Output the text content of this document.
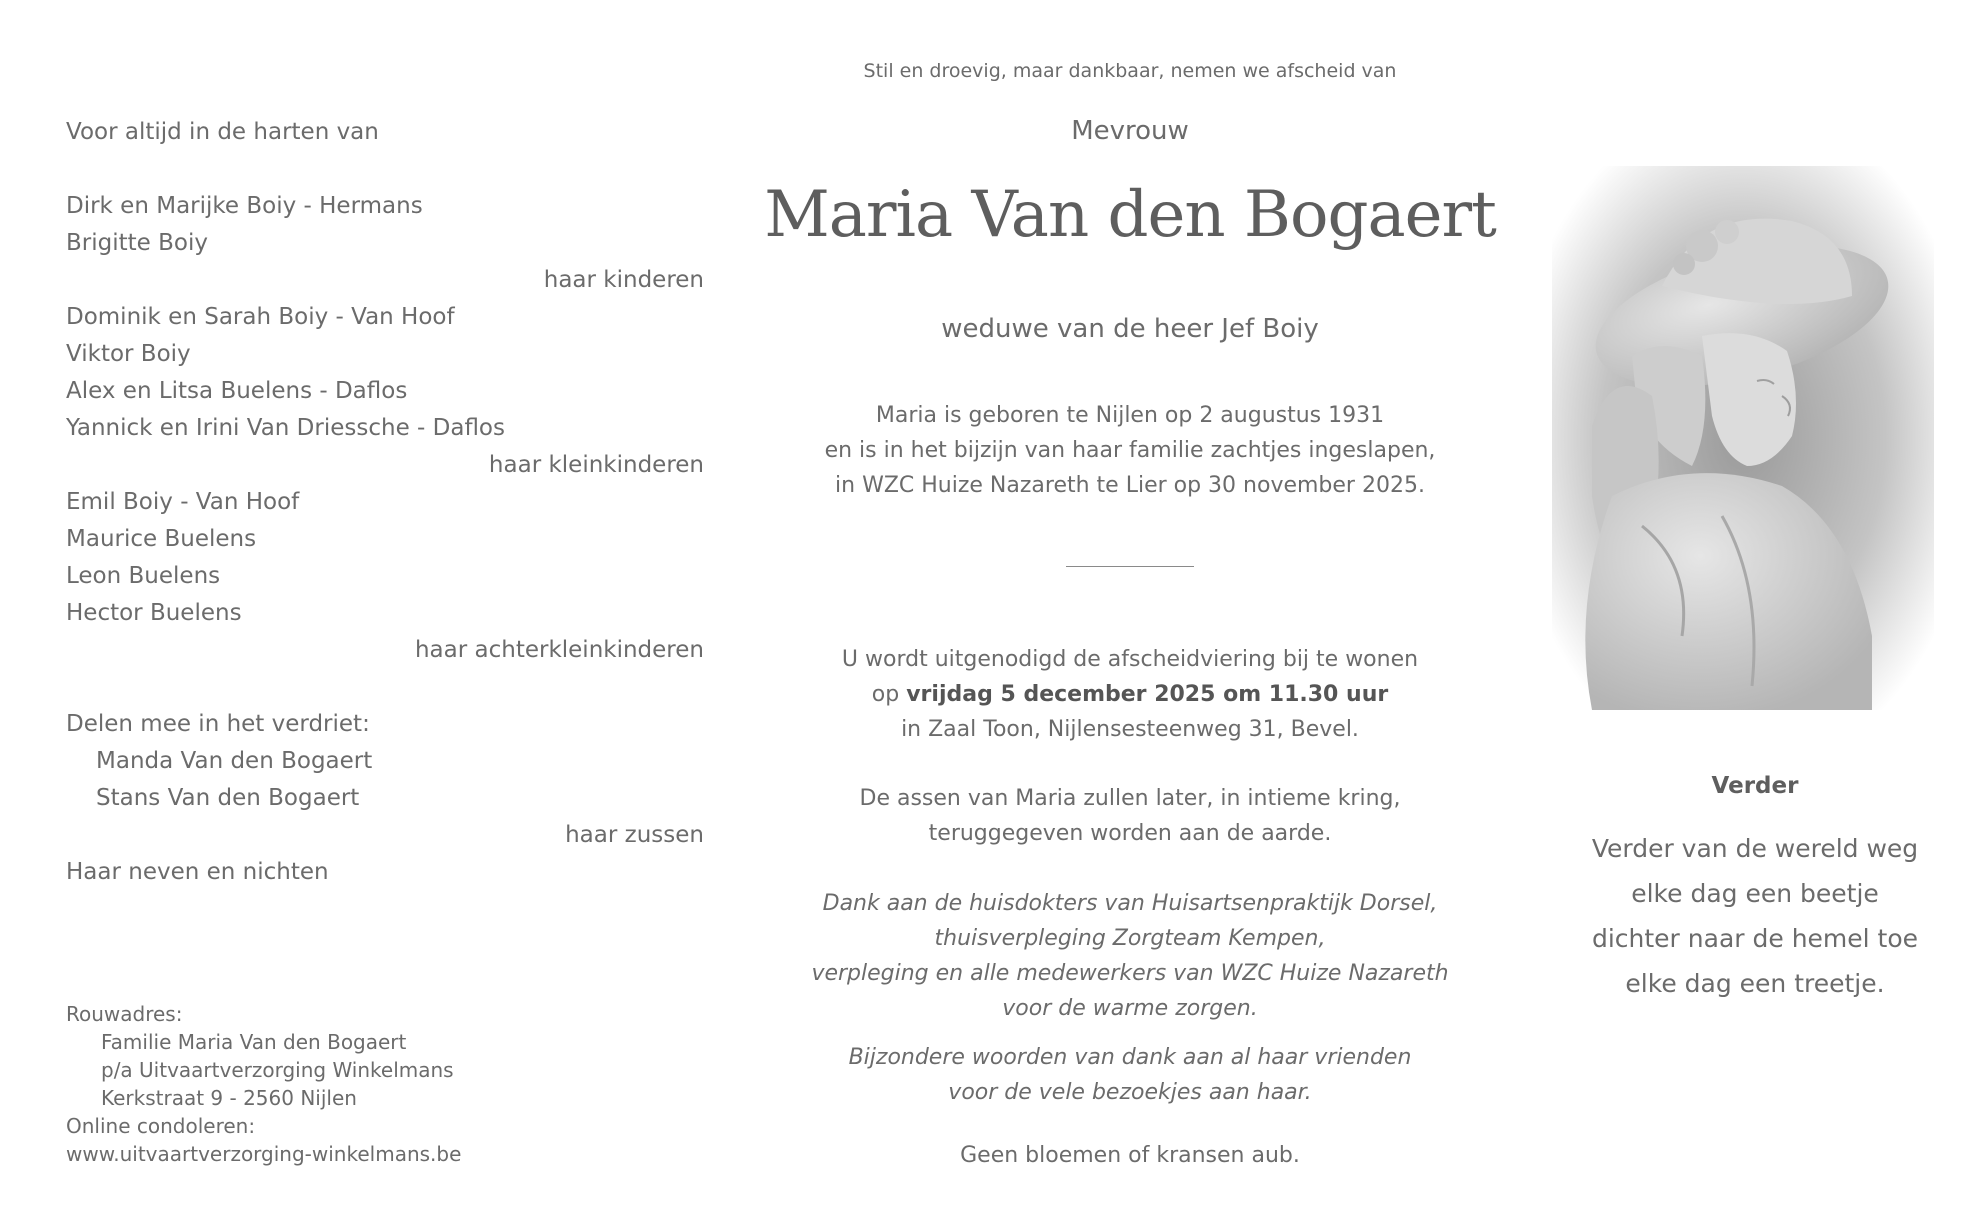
Voor altijd in de harten van
Dirk en Marijke Boiy - Hermans
Brigitte Boiy
haar kinderen
Dominik en Sarah Boiy - Van Hoof
Viktor Boiy
Alex en Litsa Buelens - Daflos
Yannick en Irini Van Driessche - Daflos
haar kleinkinderen
Emil Boiy - Van Hoof
Maurice Buelens
Leon Buelens
Hector Buelens
haar achterkleinkinderen
Delen mee in het verdriet:
Manda Van den Bogaert
Stans Van den Bogaert
haar zussen
Haar neven en nichten
Rouwadres:
Familie Maria Van den Bogaert
p/a Uitvaartverzorging Winkelmans
Kerkstraat 9 - 2560 Nijlen
Online condoleren:
www.uitvaartverzorging-winkelmans.be
Stil en droevig, maar dankbaar, nemen we afscheid van
Mevrouw
Maria Van den Bogaert
weduwe van de heer Jef Boiy
Maria is geboren te Nijlen op 2 augustus 1931
en is in het bijzijn van haar familie zachtjes ingeslapen,
in WZC Huize Nazareth te Lier op 30 november 2025.
U wordt uitgenodigd de afscheidviering bij te wonen
op vrijdag 5 december 2025 om 11.30 uur
in Zaal Toon, Nijlensesteenweg 31, Bevel.
De assen van Maria zullen later, in intieme kring,
teruggegeven worden aan de aarde.
Dank aan de huisdokters van Huisartsenpraktijk Dorsel,
thuisverpleging Zorgteam Kempen,
verpleging en alle medewerkers van WZC Huize Nazareth
voor de warme zorgen.
Bijzondere woorden van dank aan al haar vrienden
voor de vele bezoekjes aan haar.
Geen bloemen of kransen aub.
Verder
Verder van de wereld weg
elke dag een beetje
dichter naar de hemel toe
elke dag een treetje.
